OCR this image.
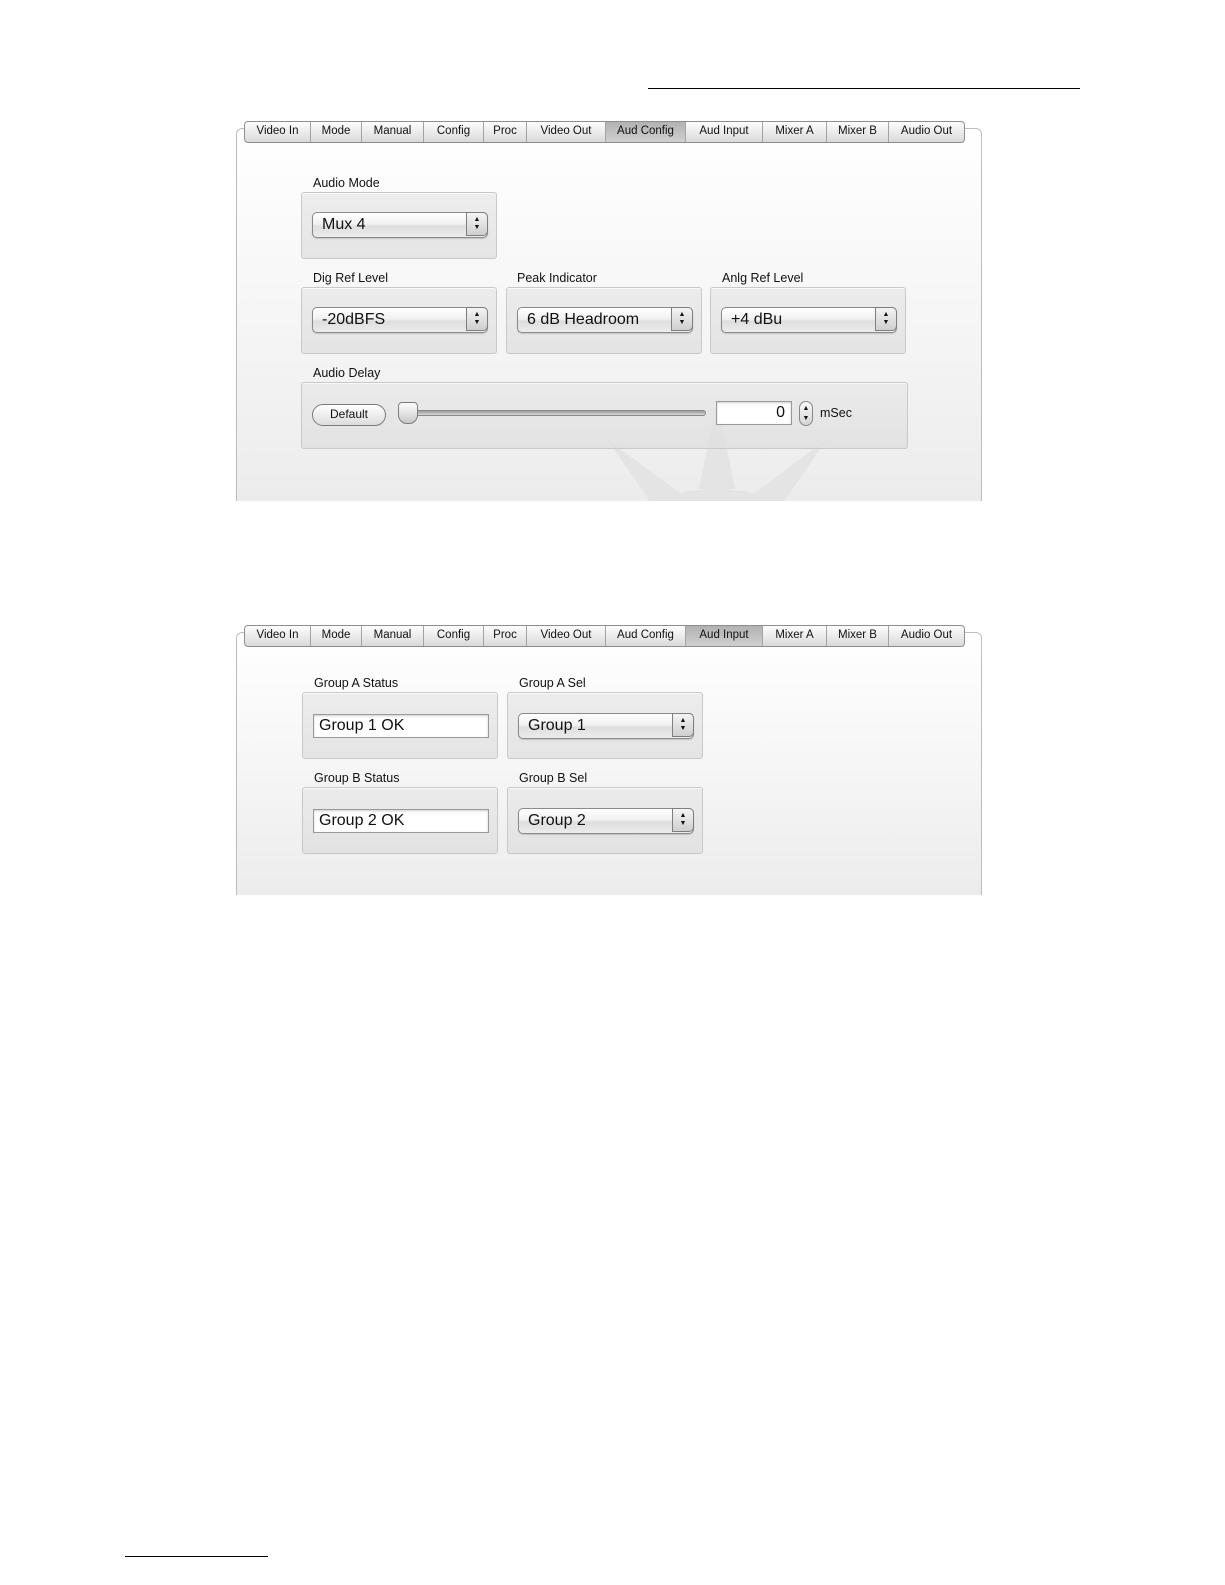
Audio Mode
Mux 4	▲
▼
Dig Ref Level
-20dBFS	▲
▼
Peak Indicator
6 dB Headroom	▲
▼
Anlg Ref Level
+4 dBu	▲
▼
Audio Delay
Default	0	▲
▼ mSec
Video In	Mode	Manual	Config	Proc	Video Out	Aud Config	Aud Input	Mixer A	Mixer B	Audio Out
Group A Status
Group 1 OK
Group A Sel
Group 1	▲
▼
Group B Status
Group 2 OK
Group B Sel
Group 2	▲
▼
Video In	Mode	Manual	Config	Proc	Video Out	Aud Config	Aud Input	Mixer A	Mixer B	Audio Out
